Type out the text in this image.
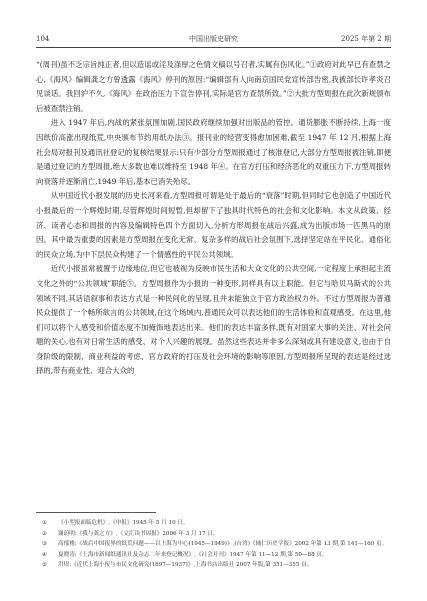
104	中国出版史研究	2025 年第 2 期

“(周刊)虽不乏宗旨纯正者,但以造谣或淫及涤厚之色情文稿以号召者,实属有伤风化。”①政府对此早已有查禁之心,《海风》编辑龚之方曾透露《海风》停刊的原因:“编辑部有人向南京国民党宣传部告密,我被部长许孝炎召见谈话。我回沪不久,《海风》在政治压力下宣告停刊,实际是官方查禁所致。”②大批方型周报在此次新规颁布后被查禁注销。

进入 1947 年后,内战的紧张氛围加剧,国民政府继续加强对出版品的管控。通货膨胀不断持续,上海一度因纸价高涨出现纸荒,中央颁布节约用纸办法③。报刊业的经营变得愈加困难,截至 1947 年 12 月,根据上海社会局对报刊及通讯社登记的复核结果显示:只有少部分方型周报通过了核准登记,大部分方型周报被注销,即便是通过登记的方型周报,绝大多数也难以维持至 1948 年④。在官方打压和经济恶化的双重压力下,方型周报转向衰落并逐渐消亡,1949 年后,基本已消失殆尽。

从中国近代小报发展的历史长河来看,方型周报可谓是处于最后的“衰落”时期,但同时它也创造了中国近代小报最后的一个辉煌时期,尽管辉煌时间短暂,但却留下了独具时代特色的社会和文化影响。本文从政策、经济、读者心态和周报的内容及编辑特色四个方面切入,分析方形周报在战后兴盛,成为出版市场一匹黑马的原因。其中最为重要的因素是方型周报在变化无常、复杂多样的战后社会氛围下,选择坚定站在平民化、通俗化的民众立场,为中下层民众构建了一个情感性的平民公共领域。

近代小报虽常被置于边缘地位,但它也被视为反映市民生活和大众文化的公共空间,一定程度上承担起主流文化之外的“公共领域”职能⑤。方型周报作为小报的一种变形,同样具有以上职能。但它与哈贝马斯式的公共领域不同,其话语叙事和表达方式是一种民间化的呈现,且并未能独立于官方政治权力外。不过方型周报为普通民众提供了一个畅所欲言的公共领域,在这个场域内,普通民众可以表达他们的生活体验和直观感受。在这里,他们可以将个人感受和价值态度不加掩饰地表达出来。他们的表达丰富多样,既有对国家大事的关注、对社会问题的关心,也有对日常生活的感受、对个人兴趣的展现。虽然这些表达并非多么深刻或具有建设意义,也由于自身阶级的限制、商业利益的考虑、官方政府的打压及社会环境的影响等原因,方型周报所呈现的表达是经过选择的,带有商业性、迎合大众的

①	《小型报面临危机》,《申报》1945 年 5 月 10 日。

②	谢蔚明:《我与龚之方》,《文汇读书周报》2006 年 3 月 17 日。

③	高郁雅:《战后中国报界的纸荒问题——以上海为中心(1945—1949)》,(台湾)《辅仁历史学报》2002 年第 13 期,第 141—160 页。

④	夏晓涛:《上海市新闻纸通讯社及杂志二年来登记概况》,《社会月刊》1947 年第 11—12 期,第 50—88 页。

⑤	洪煜:《近代上海小报与市民文化研究(1897—1937)》,上海书店出版社 2007 年版,第 351—355 页。
